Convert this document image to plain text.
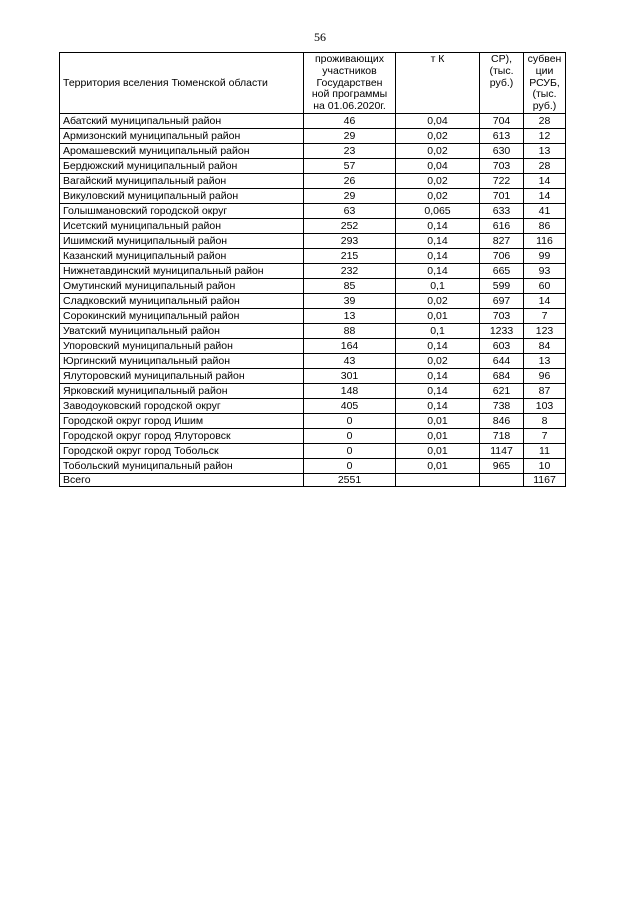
56
Территория вселения Тюменской области	проживающих участников Государствен ной программы на 01.06.2020г.	т К	СР), (тыс. руб.)	субвен ции РСУБ, (тыс. руб.)
Абатский муниципальный район	46	0,04	704	28
Армизонский муниципальный район	29	0,02	613	12
Аромашевский муниципальный район	23	0,02	630	13
Бердюжский муниципальный район	57	0,04	703	28
Вагайский муниципальный район	26	0,02	722	14
Викуловский муниципальный район	29	0,02	701	14
Голышмановский городской округ	63	0,065	633	41
Исетский муниципальный район	252	0,14	616	86
Ишимский муниципальный район	293	0,14	827	116
Казанский муниципальный район	215	0,14	706	99
Нижнетавдинский муниципальный район	232	0,14	665	93
Омутинский муниципальный район	85	0,1	599	60
Сладковский муниципальный район	39	0,02	697	14
Сорокинский муниципальный район	13	0,01	703	7
Уватский муниципальный район	88	0,1	1233	123
Упоровский муниципальный район	164	0,14	603	84
Юргинский муниципальный район	43	0,02	644	13
Ялуторовский муниципальный район	301	0,14	684	96
Ярковский муниципальный район	148	0,14	621	87
Заводоуковский городской округ	405	0,14	738	103
Городской округ город Ишим	0	0,01	846	8
Городской округ город Ялуторовск	0	0,01	718	7
Городской округ город Тобольск	0	0,01	1147	11
Тобольский муниципальный район	0	0,01	965	10
Всего	2551			1167
